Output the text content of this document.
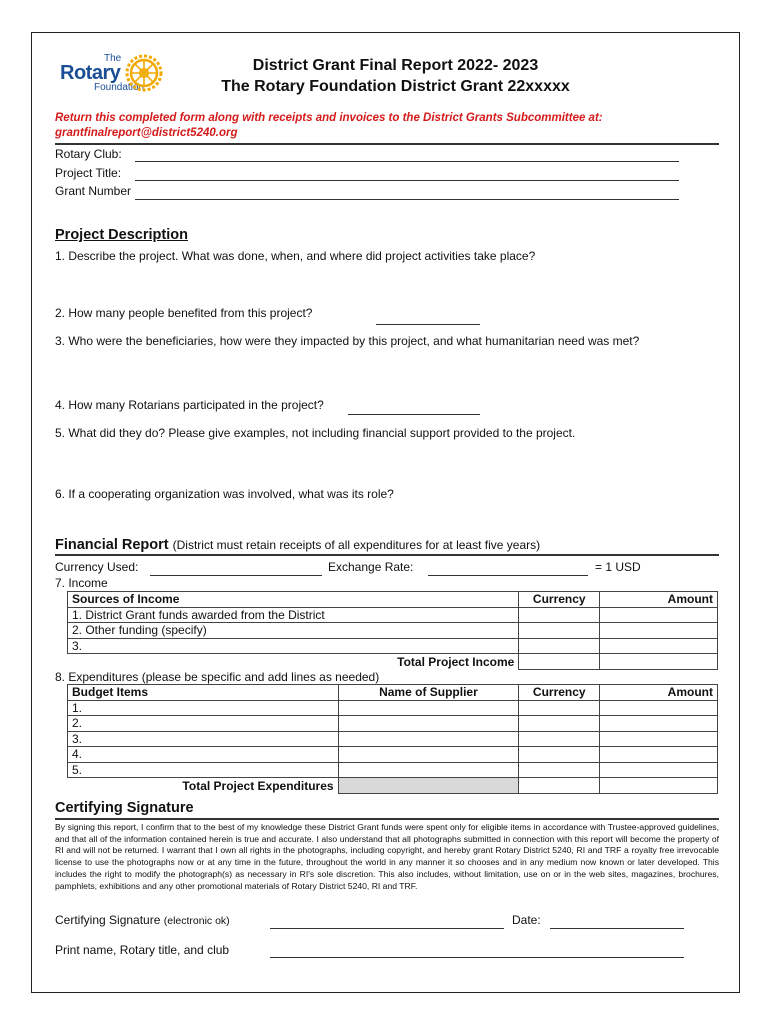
The
Rotary
Foundation
District Grant Final Report 2022- 2023
The Rotary Foundation District Grant 22xxxxx
Return this completed form along with receipts and invoices to the District Grants Subcommittee at:
grantfinalreport@district5240.org
Rotary Club:
Project Title:
Grant Number
Project Description
1. Describe the project. What was done, when, and where did project activities take place?
2. How many people benefited from this project?
3. Who were the beneficiaries, how were they impacted by this project, and what humanitarian need was met?
4. How many Rotarians participated in the project?
5. What did they do? Please give examples, not including financial support provided to the project.
6. If a cooperating organization was involved, what was its role?
Financial Report (District must retain receipts of all expenditures for at least five years)
Currency Used:	Exchange Rate:	= 1 USD
7. Income
Sources of Income	Currency	Amount
1. District Grant funds awarded from the District		
2. Other funding (specify)		
3.		
Total Project Income		
8. Expenditures (please be specific and add lines as needed)
Budget Items	Name of Supplier	Currency	Amount
1.			
2.			
3.			
4.			
5.			
Total Project Expenditures			
Certifying Signature
By signing this report, I confirm that to the best of my knowledge these District Grant funds were spent only for eligible items in accordance with Trustee-approved guidelines, and that all of the information contained herein is true and accurate. I also understand that all photographs submitted in connection with this report will become the property of RI and will not be returned. I warrant that I own all rights in the photographs, including copyright, and hereby grant Rotary District 5240, RI and TRF a royalty free irrevocable license to use the photographs now or at any time in the future, throughout the world in any manner it so chooses and in any medium now known or later developed. This includes the right to modify the photograph(s) as necessary in RI's sole discretion. This also includes, without limitation, use on or in the web sites, magazines, brochures, pamphlets, exhibitions and any other promotional materials of Rotary District 5240, RI and TRF.
Certifying Signature (electronic ok)	Date:
Print name, Rotary title, and club
